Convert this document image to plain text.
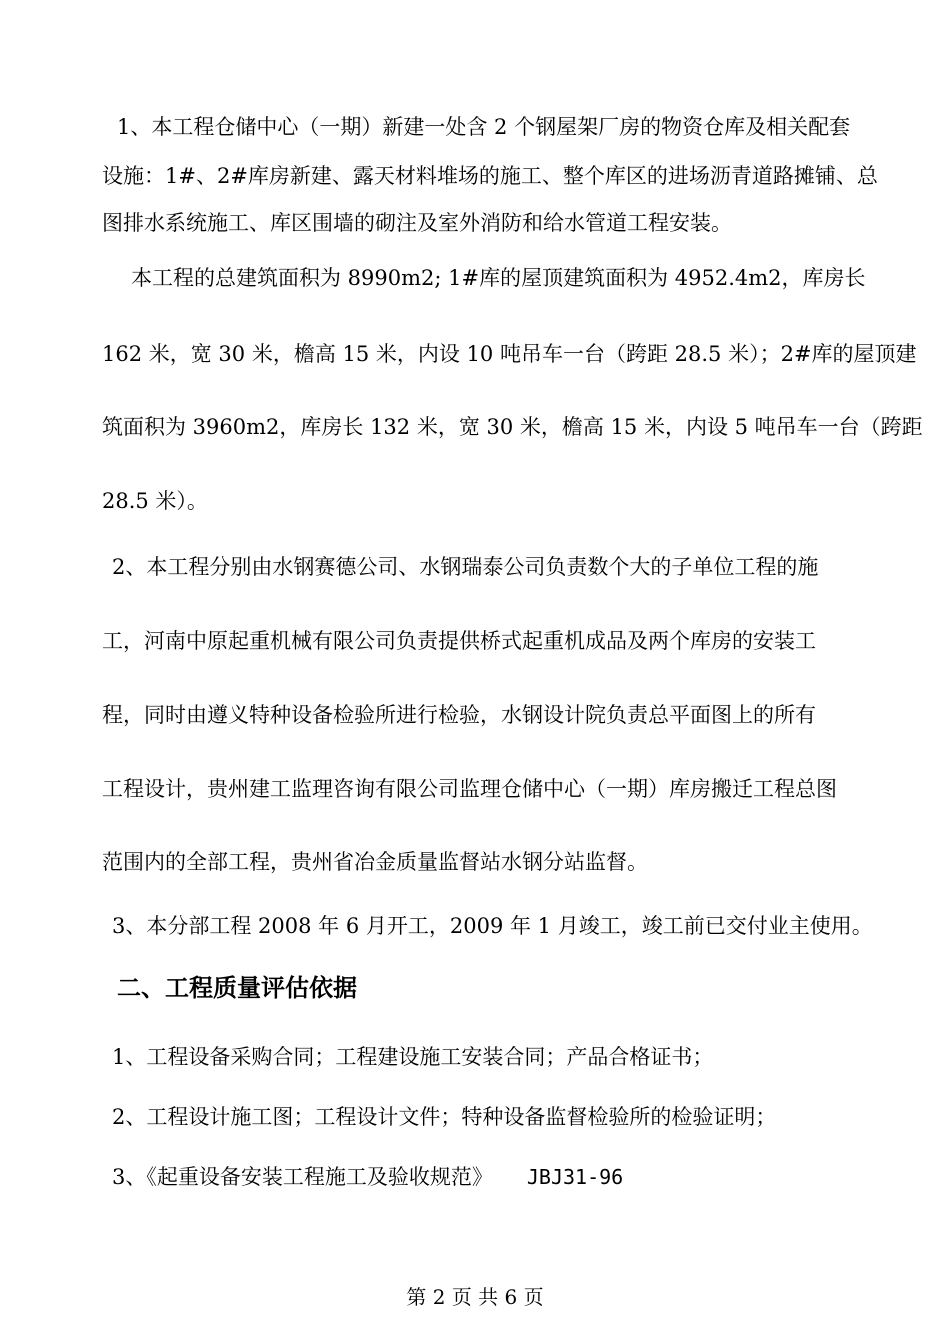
1、本工程仓储中心（一期）新建一处含 2 个钢屋架厂房的物资仓库及相关配套

设施：1#、2#库房新建、露天材料堆场的施工、整个库区的进场沥青道路摊铺、总

图排水系统施工、库区围墙的砌注及室外消防和给水管道工程安装。

本工程的总建筑面积为 8990m2; 1#库的屋顶建筑面积为 4952.4m2，库房长

162 米，宽 30 米，檐高 15 米，内设 10 吨吊车一台（跨距 28.5 米）；2#库的屋顶建

筑面积为 3960m2，库房长 132 米，宽 30 米，檐高 15 米，内设 5 吨吊车一台（跨距

28.5 米）。

2、本工程分别由水钢赛德公司、水钢瑞泰公司负责数个大的子单位工程的施

工，河南中原起重机械有限公司负责提供桥式起重机成品及两个库房的安装工

程，同时由遵义特种设备检验所进行检验，水钢设计院负责总平面图上的所有

工程设计，贵州建工监理咨询有限公司监理仓储中心（一期）库房搬迁工程总图

范围内的全部工程，贵州省冶金质量监督站水钢分站监督。

3、本分部工程 2008 年 6 月开工，2009 年 1 月竣工，竣工前已交付业主使用。

二、工程质量评估依据

1、工程设备采购合同；工程建设施工安装合同；产品合格证书；

2、工程设计施工图；工程设计文件；特种设备监督检验所的检验证明；

3、《起重设备安装工程施工及验收规范》 JBJ31-96

第 2 页 共 6 页
